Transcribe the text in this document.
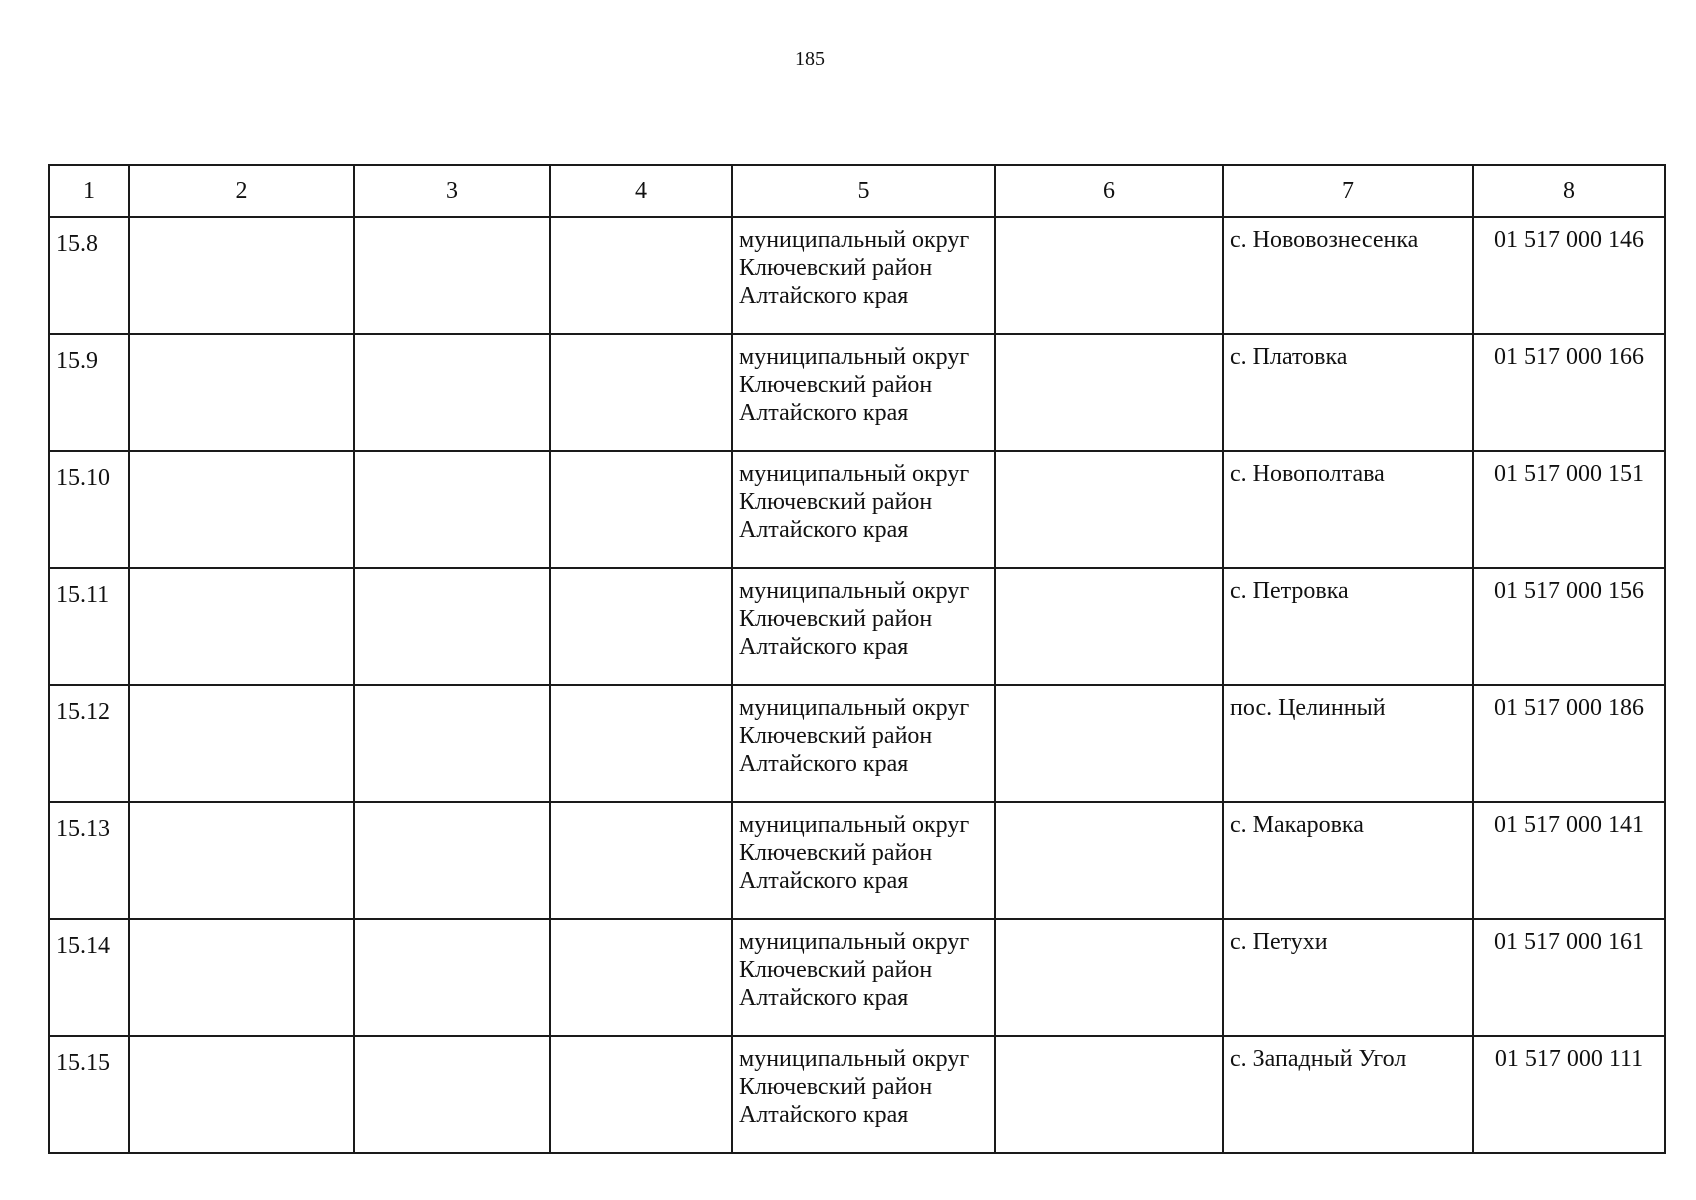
185
1	2	3	4	5	6	7	8
15.8				муниципальный округ
Ключевский район
Алтайского края		с. Нововознесенка	01 517 000 146
15.9				муниципальный округ
Ключевский район
Алтайского края		с. Платовка	01 517 000 166
15.10				муниципальный округ
Ключевский район
Алтайского края		с. Новополтава	01 517 000 151
15.11				муниципальный округ
Ключевский район
Алтайского края		с. Петровка	01 517 000 156
15.12				муниципальный округ
Ключевский район
Алтайского края		пос. Целинный	01 517 000 186
15.13				муниципальный округ
Ключевский район
Алтайского края		с. Макаровка	01 517 000 141
15.14				муниципальный округ
Ключевский район
Алтайского края		с. Петухи	01 517 000 161
15.15				муниципальный округ
Ключевский район
Алтайского края		с. Западный Угол	01 517 000 111
